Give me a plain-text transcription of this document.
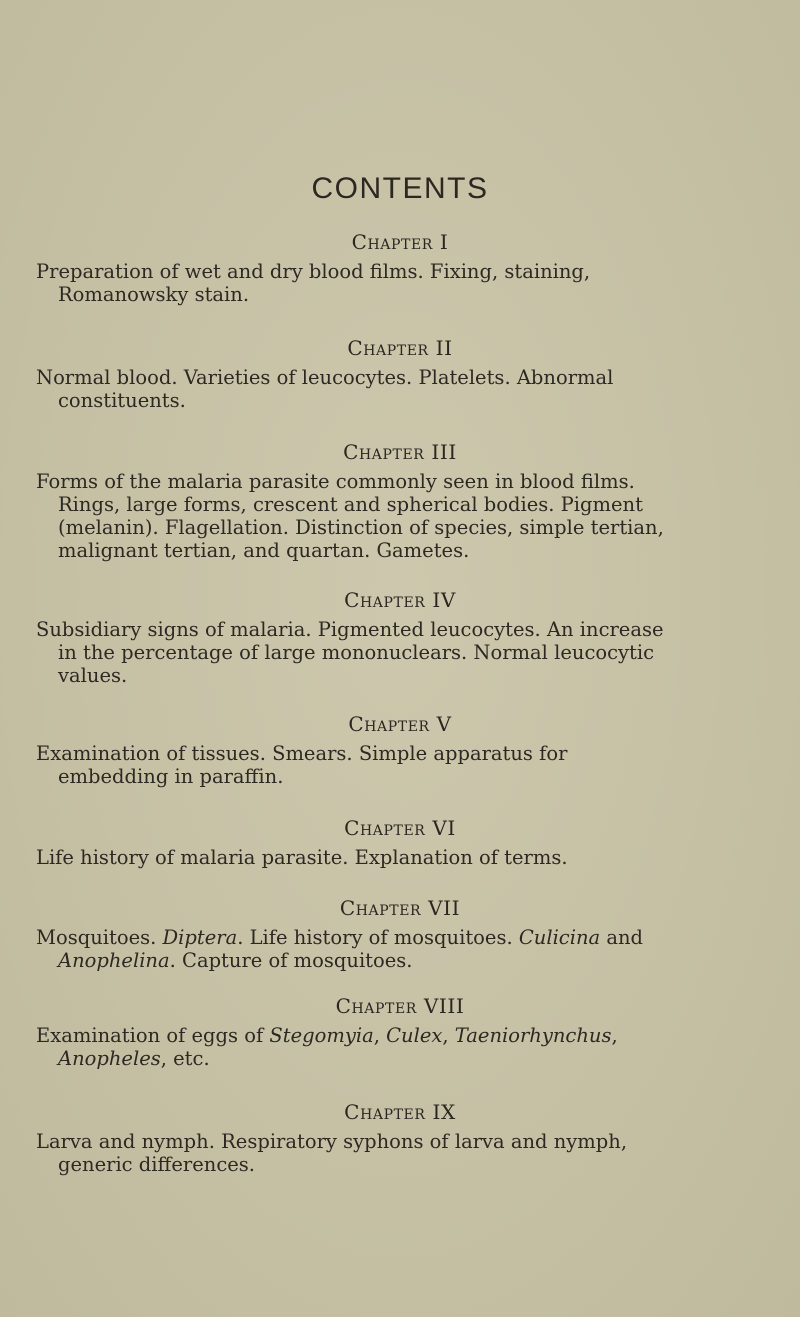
CONTENTS
Chapter I

Preparation of wet and dry blood films. Fixing, staining, Romanowsky stain.

Chapter II

Normal blood. Varieties of leucocytes. Platelets. Abnormal constituents.

Chapter III

Forms of the malaria parasite commonly seen in blood films. Rings, large forms, crescent and spherical bodies. Pigment (melanin). Flagellation. Distinction of species, simple tertian, malignant tertian, and quartan. Gametes.

Chapter IV

Subsidiary signs of malaria. Pigmented leucocytes. An increase in the percentage of large mononuclears. Normal leucocytic values.

Chapter V

Examination of tissues. Smears. Simple apparatus for embedding in paraffin.

Chapter VI

Life history of malaria parasite. Explanation of terms.

Chapter VII

Mosquitoes. Diptera. Life history of mosquitoes. Culicina and Anophelina. Capture of mosquitoes.

Chapter VIII

Examination of eggs of Stegomyia, Culex, Taeniorhynchus, Anopheles, etc.

Chapter IX

Larva and nymph. Respiratory syphons of larva and nymph, generic differences.
